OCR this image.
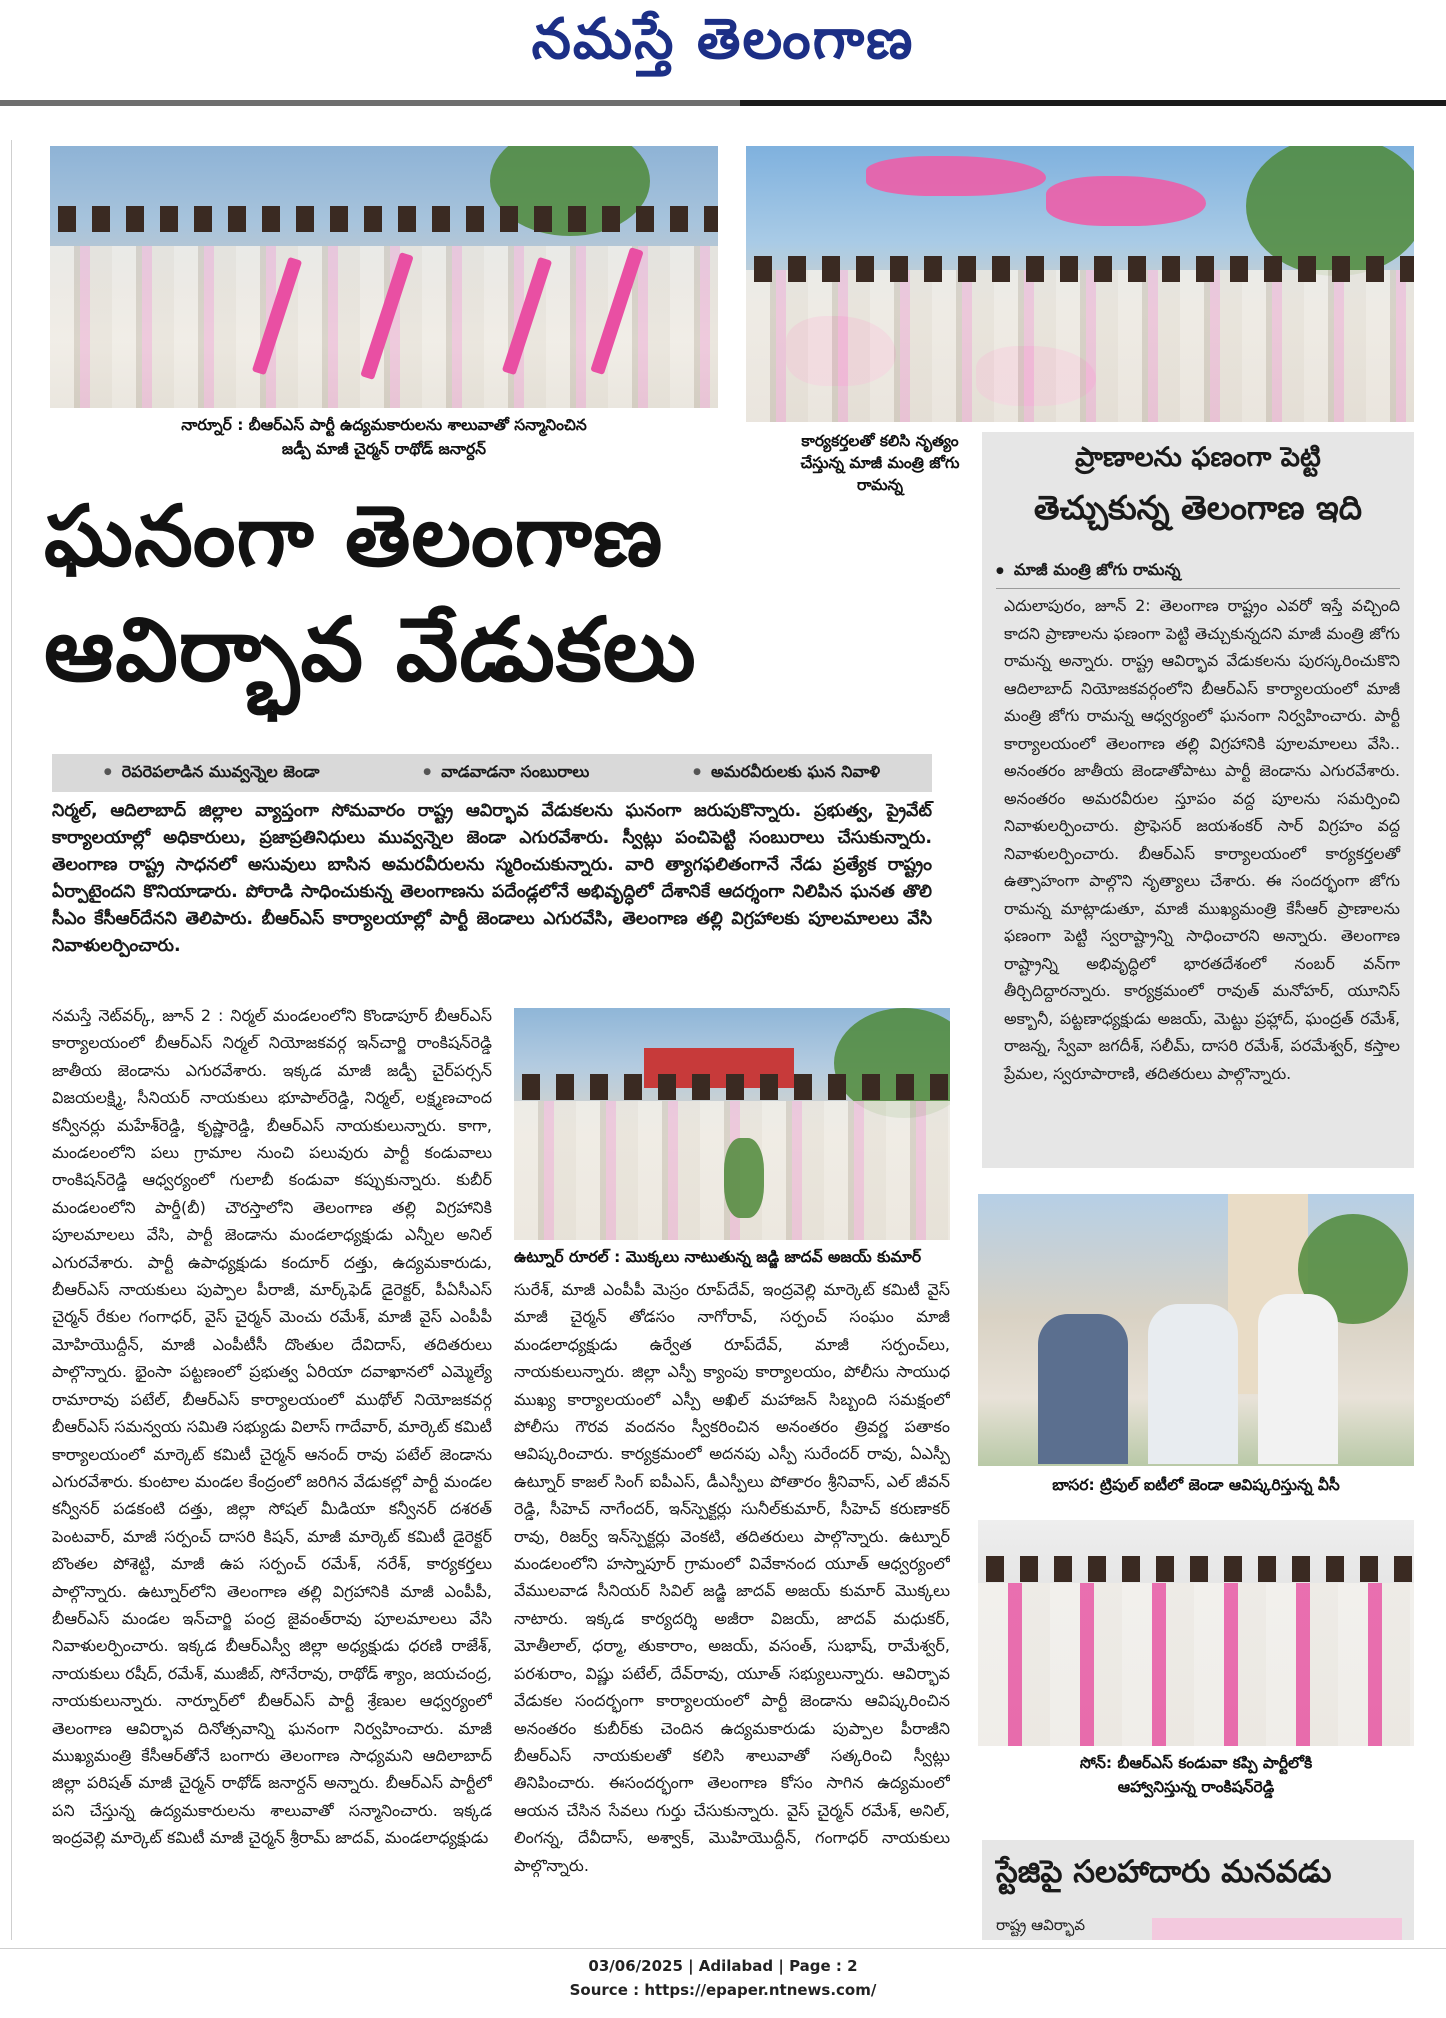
నమస్తే తెలంగాణ
నార్నూర్ : బీఆర్ఎస్ పార్టీ ఉద్యమకారులను శాలువాతో సన్మానించిన
జడ్పీ మాజీ చైర్మన్ రాథోడ్ జనార్దన్	కార్యకర్తలతో కలిసి నృత్యం చేస్తున్న మాజీ మంత్రి జోగు రామన్న
ఘనంగా తెలంగాణ
ఆవిర్భావ వేడుకలు
● రెపరెపలాడిన మువ్వన్నెల జెండా	● వాడవాడనా సంబురాలు	● అమరవీరులకు ఘన నివాళి
నిర్మల్, ఆదిలాబాద్ జిల్లాల వ్యాప్తంగా సోమవారం రాష్ట్ర ఆవిర్భావ వేడుకలను ఘనంగా జరుపుకొన్నారు. ప్రభుత్వ, ప్రైవేట్ కార్యాలయాల్లో అధికారులు, ప్రజాప్రతినిధులు మువ్వన్నెల జెండా ఎగురవేశారు. స్వీట్లు పంచిపెట్టి సంబురాలు చేసుకున్నారు. తెలంగాణ రాష్ట్ర సాధనలో అసువులు బాసిన అమరవీరులను స్మరించుకున్నారు. వారి త్యాగఫలితంగానే నేడు ప్రత్యేక రాష్ట్రం ఏర్పాటైందని కొనియాడారు. పోరాడి సాధించుకున్న తెలంగాణను పదేండ్లలోనే అభివృద్ధిలో దేశానికే ఆదర్శంగా నిలిపిన ఘనత తొలి సీఎం కేసీఆర్‌దేనని తెలిపారు. బీఆర్ఎస్ కార్యాలయాల్లో పార్టీ జెండాలు ఎగురవేసి, తెలంగాణ తల్లి విగ్రహాలకు పూలమాలలు వేసి నివాళులర్పించారు.
నమస్తే నెట్‌వర్క్, జూన్ 2 : నిర్మల్ మండలంలోని కొండాపూర్ బీఆర్ఎస్ కార్యాలయంలో బీఆర్ఎస్ నిర్మల్ నియోజకవర్గ ఇన్‌చార్జి రాంకిషన్‌రెడ్డి జాతీయ జెండాను ఎగురవేశారు. ఇక్కడ మాజీ జడ్పీ చైర్‌పర్సన్ విజయలక్ష్మి, సీనియర్ నాయకులు భూపాల్‌రెడ్డి, నిర్మల్, లక్ష్మణచాంద కన్వీనర్లు మహేశ్‌రెడ్డి, కృష్ణారెడ్డి, బీఆర్ఎస్ నాయకులున్నారు. కాగా, మండలంలోని పలు గ్రామాల నుంచి పలువురు పార్టీ కండువాలు రాంకిషన్‌రెడ్డి ఆధ్వర్యంలో గులాబీ కండువా కప్పుకున్నారు. కుబీర్ మండలంలోని పార్డీ(బీ) చౌరస్తాలోని తెలంగాణ తల్లి విగ్రహానికి పూలమాలలు వేసి, పార్టీ జెండాను మండలాధ్యక్షుడు ఎన్నీల అనిల్ ఎగురవేశారు. పార్టీ ఉపాధ్యక్షుడు కందూర్ దత్తు, ఉద్యమకారుడు, బీఆర్ఎస్ నాయకులు పుప్పాల పీరాజీ, మార్క్‌ఫెడ్ డైరెక్టర్, పీఏసీఎస్ చైర్మన్ రేకుల గంగాధర్, వైస్ చైర్మన్ మెంచు రమేశ్, మాజీ వైస్ ఎంపీపీ మోహియొద్దీన్, మాజీ ఎంపీటీసీ దొంతుల దేవిదాస్, తదితరులు పాల్గొన్నారు. భైంసా పట్టణంలో ప్రభుత్వ ఏరియా దవాఖానలో ఎమ్మెల్యే రామారావు పటేల్, బీఆర్ఎస్ కార్యాలయంలో ముథోల్ నియోజకవర్గ బీఆర్ఎస్ సమన్వయ సమితి సభ్యుడు విలాస్ గాదేవార్, మార్కెట్ కమిటీ కార్యాలయంలో మార్కెట్ కమిటీ చైర్మన్ ఆనంద్ రావు పటేల్ జెండాను ఎగురవేశారు. కుంటాల మండల కేంద్రంలో జరిగిన వేడుకల్లో పార్టీ మండల కన్వీనర్ పడకంటి దత్తు, జిల్లా సోషల్ మీడియా కన్వీనర్ దశరత్ పెంటవార్, మాజీ సర్పంచ్ దాసరి కిషన్, మాజీ మార్కెట్ కమిటీ డైరెక్టర్ బొంతల పోశెట్టి, మాజీ ఉప సర్పంచ్ రమేశ్, నరేశ్, కార్యకర్తలు పాల్గొన్నారు. ఉట్నూర్‌లోని తెలంగాణ తల్లి విగ్రహానికి మాజీ ఎంపీపీ, బీఆర్ఎస్ మండల ఇన్‌చార్జి పంద్ర జైవంత్‌రావు పూలమాలలు వేసి నివాళులర్పించారు. ఇక్కడ బీఆర్ఎస్వీ జిల్లా అధ్యక్షుడు ధరణి రాజేశ్, నాయకులు రషీద్, రమేశ్, ముజీబ్, సోనేరావు, రాథోడ్ శ్యాం, జయచంద్ర, నాయకులున్నారు. నార్నూర్‌లో బీఆర్ఎస్ పార్టీ శ్రేణుల ఆధ్వర్యంలో తెలంగాణ ఆవిర్భావ దినోత్సవాన్ని ఘనంగా నిర్వహించారు. మాజీ ముఖ్యమంత్రి కేసీఆర్‌తోనే బంగారు తెలంగాణ సాధ్యమని ఆదిలాబాద్ జిల్లా పరిషత్ మాజీ చైర్మన్ రాథోడ్ జనార్దన్ అన్నారు. బీఆర్ఎస్ పార్టీలో పని చేస్తున్న ఉద్యమకారులను శాలువాతో సన్మానించారు. ఇక్కడ ఇంద్రవెల్లి మార్కెట్ కమిటీ మాజీ చైర్మన్ శ్రీరామ్ జాదవ్, మండలాధ్యక్షుడు
ఉట్నూర్ రూరల్ : మొక్కలు నాటుతున్న జడ్జి జాదవ్ అజయ్ కుమార్
సురేశ్, మాజీ ఎంపీపీ మెస్రం రూప్‌దేవ్, ఇంద్రవెల్లి మార్కెట్ కమిటీ వైస్ మాజీ చైర్మన్ తోడసం నాగోరావ్, సర్పంచ్ సంఘం మాజీ మండలాధ్యక్షుడు ఉర్వేత రూప్‌దేవ్, మాజీ సర్పంచ్‌లు, నాయకులున్నారు. జిల్లా ఎస్పీ క్యాంపు కార్యాలయం, పోలీసు సాయుధ ముఖ్య కార్యాలయంలో ఎస్పీ అఖిల్ మహాజన్ సిబ్బంది సమక్షంలో పోలీసు గౌరవ వందనం స్వీకరించిన అనంతరం త్రివర్ణ పతాకం ఆవిష్కరించారు. కార్యక్రమంలో అదనపు ఎస్పీ సురేందర్ రావు, ఏఎస్పీ ఉట్నూర్ కాజల్ సింగ్ ఐపీఎస్, డీఎస్పీలు పోతారం శ్రీనివాస్, ఎల్ జీవన్ రెడ్డి, సీహెచ్ నాగేందర్, ఇన్‌స్పెక్టర్లు సునీల్‌కుమార్, సీహెచ్ కరుణాకర్ రావు, రిజర్వ్ ఇన్‌స్పెక్టర్లు వెంకటి, తదితరులు పాల్గొన్నారు. ఉట్నూర్ మండలంలోని హస్నాపూర్ గ్రామంలో వివేకానంద యూత్ ఆధ్వర్యంలో వేములవాడ సీనియర్ సివిల్ జడ్జి జాదవ్ అజయ్ కుమార్ మొక్కలు నాటారు. ఇక్కడ కార్యదర్శి అజీరా విజయ్, జాదవ్ మధుకర్, మోతీలాల్, ధర్మా, తుకారాం, అజయ్, వసంత్, సుభాష్, రామేశ్వర్, పరశురాం, విష్ణు పటేల్, దేవ్‌రావు, యూత్ సభ్యులున్నారు. ఆవిర్భావ వేడుకల సందర్భంగా కార్యాలయంలో పార్టీ జెండాను ఆవిష్కరించిన అనంతరం కుబీర్‌కు చెందిన ఉద్యమకారుడు పుప్పాల పీరాజీని బీఆర్ఎస్ నాయకులతో కలిసి శాలువాతో సత్కరించి స్వీట్లు తినిపించారు. ఈసందర్భంగా తెలంగాణ కోసం సాగిన ఉద్యమంలో ఆయన చేసిన సేవలు గుర్తు చేసుకున్నారు. వైస్ చైర్మన్ రమేశ్, అనిల్, లింగన్న, దేవీదాస్, అశ్వాక్, మొహియొద్దీన్, గంగాధర్ నాయకులు పాల్గొన్నారు.
ప్రాణాలను ఫణంగా పెట్టి
తెచ్చుకున్న తెలంగాణ ఇది
● మాజీ మంత్రి జోగు రామన్న
ఎదులాపురం, జూన్ 2: తెలంగాణ రాష్ట్రం ఎవరో ఇస్తే వచ్చింది కాదని ప్రాణాలను ఫణంగా పెట్టి తెచ్చుకున్నదని మాజీ మంత్రి జోగు రామన్న అన్నారు. రాష్ట్ర ఆవిర్భావ వేడుకలను పురస్కరించుకొని ఆదిలాబాద్ నియోజకవర్గంలోని బీఆర్ఎస్ కార్యాలయంలో మాజీ మంత్రి జోగు రామన్న ఆధ్వర్యంలో ఘనంగా నిర్వహించారు. పార్టీ కార్యాలయంలో తెలంగాణ తల్లి విగ్రహానికి పూలమాలలు వేసి.. అనంతరం జాతీయ జెండాతోపాటు పార్టీ జెండాను ఎగురవేశారు. అనంతరం అమరవీరుల స్తూపం వద్ద పూలను సమర్పించి నివాళులర్పించారు. ప్రొఫెసర్ జయశంకర్ సార్ విగ్రహం వద్ద నివాళులర్పించారు. బీఆర్ఎస్ కార్యాలయంలో కార్యకర్తలతో ఉత్సాహంగా పాల్గొని నృత్యాలు చేశారు. ఈ సందర్భంగా జోగు రామన్న మాట్లాడుతూ, మాజీ ముఖ్యమంత్రి కేసీఆర్ ప్రాణాలను ఫణంగా పెట్టి స్వరాష్ట్రాన్ని సాధించారని అన్నారు. తెలంగాణ రాష్ట్రాన్ని అభివృద్ధిలో భారతదేశంలో నంబర్ వన్‌గా తీర్చిదిద్దారన్నారు. కార్యక్రమంలో రావుత్ మనోహర్, యూనిస్ అక్బానీ, పట్టణాధ్యక్షుడు అజయ్, మెట్టు ప్రహ్లాద్, ఘంద్రత్ రమేశ్, రాజన్న, స్వేవా జగదీశ్, సలీమ్, దాసరి రమేశ్, పరమేశ్వర్, కస్తాల ప్రేమల, స్వరూపారాణి, తదితరులు పాల్గొన్నారు.
బాసర: ట్రిపుల్ ఐటీలో జెండా ఆవిష్కరిస్తున్న వీసీ
సోన్: బీఆర్ఎస్ కండువా కప్పి పార్టీలోకి
ఆహ్వానిస్తున్న రాంకిషన్‌రెడ్డి
స్టేజిపై సలహాదారు మనవడు
రాష్ట్ర ఆవిర్భావ
03/06/2025 | Adilabad | Page : 2
Source : https://epaper.ntnews.com/
